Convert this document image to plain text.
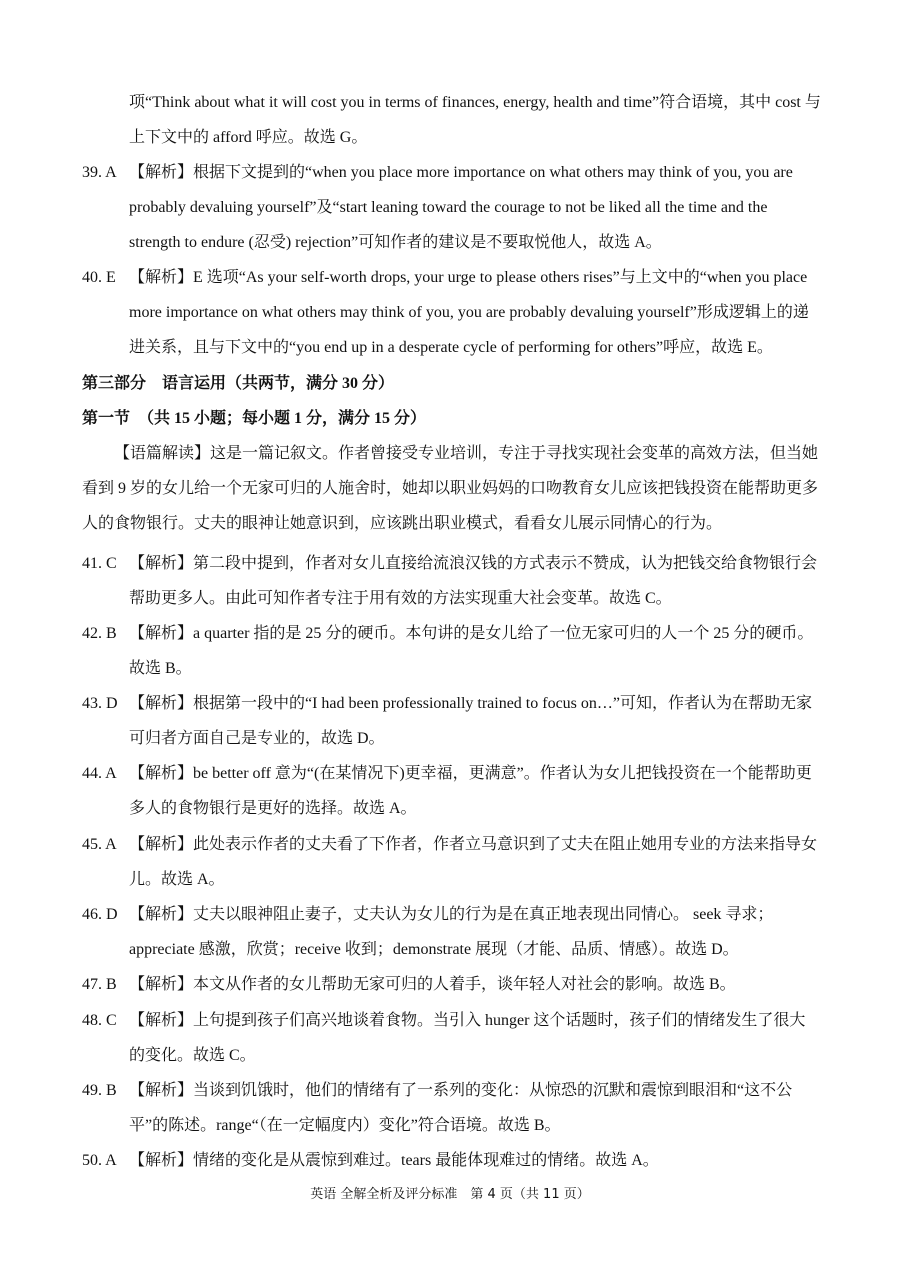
项“Think about what it will cost you in terms of finances, energy, health and time”符合语境，其中 cost 与
上下文中的 afford 呼应。故选 G。
39. A 【解析】根据下文提到的“when you place more importance on what others may think of you, you are probably devaluing yourself”及“start leaning toward the courage to not be liked all the time and the strength to endure (忍受) rejection”可知作者的建议是不要取悦他人，故选 A。
40. E 【解析】E 选项“As your self-worth drops, your urge to please others rises”与上文中的“when you place more importance on what others may think of you, you are probably devaluing yourself”形成逻辑上的递进关系，且与下文中的“you end up in a desperate cycle of performing for others”呼应，故选 E。
第三部分　语言运用（共两节，满分 30 分）
第一节　（共 15 小题；每小题 1 分，满分 15 分）
【语篇解读】这是一篇记叙文。作者曾接受专业培训，专注于寻找实现社会变革的高效方法，但当她看到 9 岁的女儿给一个无家可归的人施舍时，她却以职业妈妈的口吻教育女儿应该把钱投资在能帮助更多人的食物银行。丈夫的眼神让她意识到，应该跳出职业模式，看看女儿展示同情心的行为。
41. C 【解析】第二段中提到，作者对女儿直接给流浪汉钱的方式表示不赞成，认为把钱交给食物银行会帮助更多人。由此可知作者专注于用有效的方法实现重大社会变革。故选 C。
42. B 【解析】a quarter 指的是 25 分的硬币。本句讲的是女儿给了一位无家可归的人一个 25 分的硬币。故选 B。
43. D 【解析】根据第一段中的“I had been professionally trained to focus on…”可知，作者认为在帮助无家可归者方面自己是专业的，故选 D。
44. A 【解析】be better off 意为“(在某情况下)更幸福，更满意”。作者认为女儿把钱投资在一个能帮助更多人的食物银行是更好的选择。故选 A。
45. A 【解析】此处表示作者的丈夫看了下作者，作者立马意识到了丈夫在阻止她用专业的方法来指导女儿。故选 A。
46. D 【解析】丈夫以眼神阻止妻子，丈夫认为女儿的行为是在真正地表现出同情心。 seek 寻求；appreciate 感激，欣赏；receive 收到；demonstrate 展现（才能、品质、情感）。故选 D。
47. B 【解析】本文从作者的女儿帮助无家可归的人着手，谈年轻人对社会的影响。故选 B。
48. C 【解析】上句提到孩子们高兴地谈着食物。当引入 hunger 这个话题时，孩子们的情绪发生了很大的变化。故选 C。
49. B 【解析】当谈到饥饿时，他们的情绪有了一系列的变化：从惊恐的沉默和震惊到眼泪和“这不公平”的陈述。range“（在一定幅度内）变化”符合语境。故选 B。
50. A 【解析】情绪的变化是从震惊到难过。tears 最能体现难过的情绪。故选 A。
英语 全解全析及评分标准　第 4 页（共 11 页）
